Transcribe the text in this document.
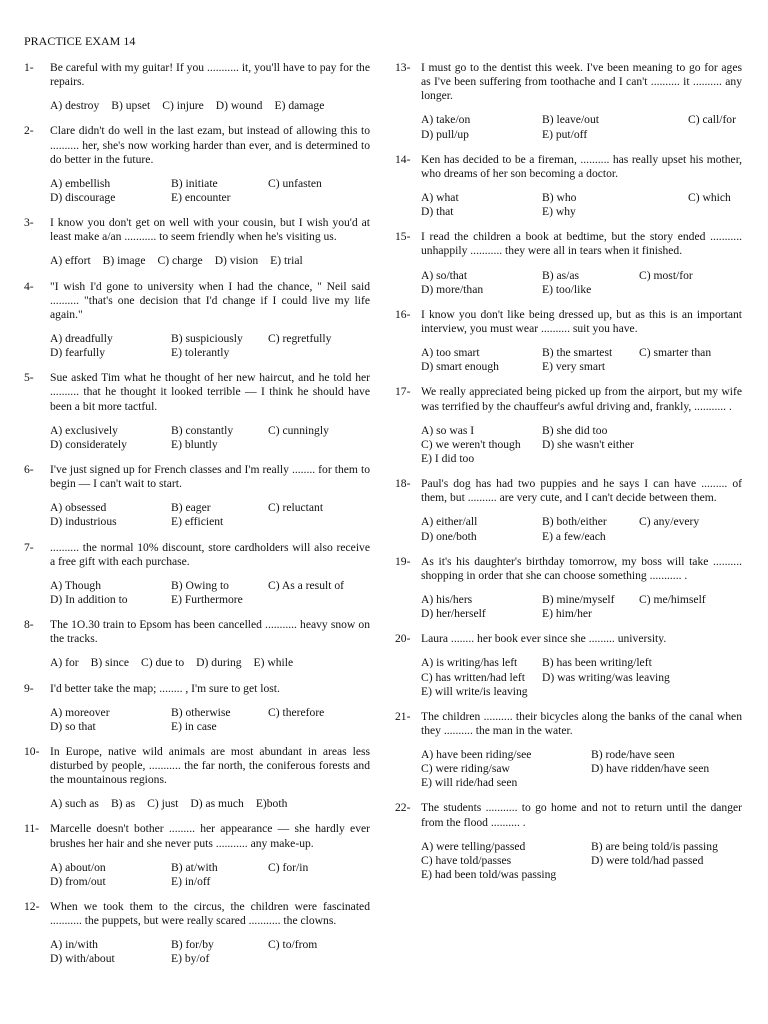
PRACTICE EXAM 14
1- Be careful with my guitar! If you ........... it, you'll have to pay for the repairs.
A) destroy B) upset C) injure D) wound E) damage
2- Clare didn't do well in the last ezam, but instead of allowing this to .......... her, she's now working harder than ever, and is determined to do better in the future.
A) embellish	B) initiate	C) unfasten
D) discourage	E) encounter
3- I know you don't get on well with your cousin, but I wish you'd at least make a/an ........... to seem friendly when he's visiting us.
A) effort B) image C) charge D) vision E) trial
4- "I wish I'd gone to university when I had the chance, " Neil said .......... "that's one decision that I'd change if I could live my life again."
A) dreadfully	B) suspiciously	C) regretfully
D) fearfully	E) tolerantly
5- Sue asked Tim what he thought of her new haircut, and he told her .......... that he thought it looked terrible — I think he should have been a bit more tactful.
A) exclusively	B) constantly	C) cunningly
D) considerately	E) bluntly
6- I've just signed up for French classes and I'm really ........ for them to begin — I can't wait to start.
A) obsessed	B) eager	C) reluctant
D) industrious	E) efficient
7- .......... the normal 10% discount, store cardholders will also receive a free gift with each purchase.
A) Though	B) Owing to	C) As a result of
D) In addition to	E) Furthermore
8- The 1O.30 train to Epsom has been cancelled ........... heavy snow on the tracks.
A) for B) since C) due to D) during E) while
9- I'd better take the map; ........ , I'm sure to get lost.
A) moreover	B) otherwise	C) therefore
D) so that	E) in case
10- In Europe, native wild animals are most abundant in areas less disturbed by people, ........... the far north, the coniferous forests and the mountainous regions.
A) such as B) as C) just D) as much E)both
11- Marcelle doesn't bother ......... her appearance — she hardly ever brushes her hair and she never puts ........... any make-up.
A) about/on	B) at/with	C) for/in
D) from/out	E) in/off
12- When we took them to the circus, the children were fascinated ........... the puppets, but were really scared ........... the clowns.
A) in/with	B) for/by	C) to/from
D) with/about	E) by/of
13- I must go to the dentist this week. I've been meaning to go for ages as I've been suffering from toothache and I can't .......... it .......... any longer.
A) take/on	B) leave/out	C) call/for
D) pull/up	E) put/off
14- Ken has decided to be a fireman, .......... has really upset his mother, who dreams of her son becoming a doctor.
A) what	B) who	C) which
D) that	E) why
15- I read the children a book at bedtime, but the story ended ........... unhappily ........... they were all in tears when it finished.
A) so/that	B) as/as	C) most/for
D) more/than	E) too/like
16- I know you don't like being dressed up, but as this is an important interview, you must wear .......... suit you have.
A) too smart	B) the smartest	C) smarter than
D) smart enough	E) very smart
17- We really appreciated being picked up from the airport, but my wife was terrified by the chauffeur's awful driving and, frankly, ........... .
A) so was I	B) she did too
C) we weren't though	D) she wasn't either
E) I did too
18- Paul's dog has had two puppies and he says I can have ......... of them, but .......... are very cute, and I can't decide between them.
A) either/all	B) both/either	C) any/every
D) one/both	E) a few/each
19- As it's his daughter's birthday tomorrow, my boss will take .......... shopping in order that she can choose something ........... .
A) his/hers	B) mine/myself	C) me/himself
D) her/herself	E) him/her
20- Laura ........ her book ever since she ......... university.
A) is writing/has left	B) has been writing/left
C) has written/had left	D) was writing/was leaving
E) will write/is leaving
21- The children .......... their bicycles along the banks of the canal when they .......... the man in the water.
A) have been riding/see	B) rode/have seen
C) were riding/saw	D) have ridden/have seen
E) will ride/had seen
22- The students ........... to go home and not to return until the danger from the flood .......... .
A) were telling/passed	B) are being told/is passing
C) have told/passes	D) were told/had passed
E) had been told/was passing
